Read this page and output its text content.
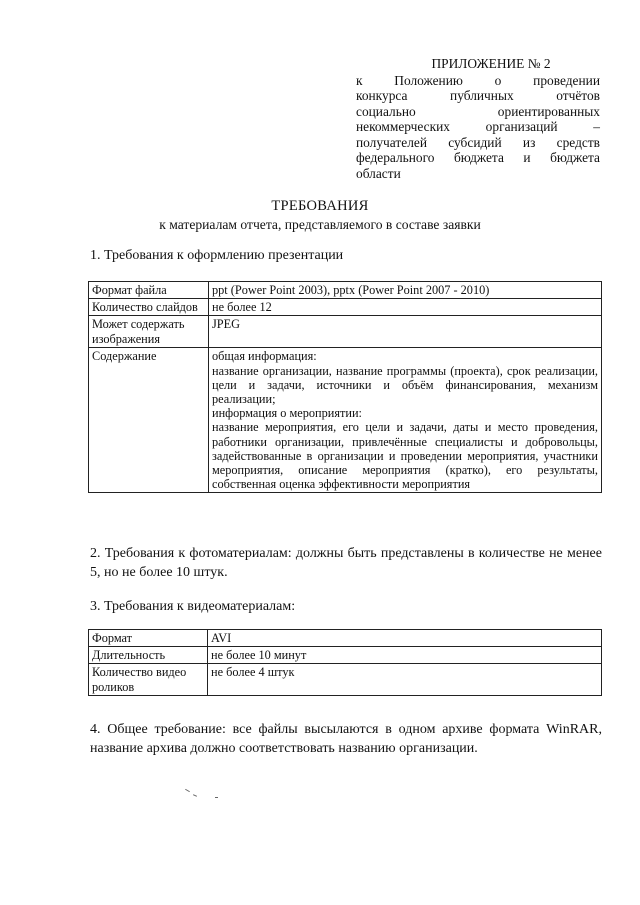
ПРИЛОЖЕНИЕ № 2
к Положению о проведении
конкурса публичных отчётов
социально ориентированных
некоммерческих организаций –
получателей субсидий из средств
федерального бюджета и бюджета
области
ТРЕБОВАНИЯ
к материалам отчета, представляемого в составе заявки
1. Требования к оформлению презентации
Формат файла	ppt (Power Point 2003), pptx (Power Point 2007 - 2010)
Количество слайдов	не более 12
Может содержать изображения	JPEG
Содержание	общая информация:

название организации, название программы (проекта), срок реализации, цели и задачи, источники и объём финансирования, механизм реализации;

информация о мероприятии:

название мероприятия, его цели и задачи, даты и место проведения, работники организации, привлечённые специалисты и добровольцы, задействованные в организации и проведении мероприятия, участники мероприятия, описание мероприятия (кратко), его результаты, собственная оценка эффективности мероприятия

2. Требования к фотоматериалам: должны быть представлены в количестве не менее 5, но не более 10 штук.
3. Требования к видеоматериалам:
Формат	AVI
Длительность	не более 10 минут
Количество видео роликов	не более 4 штук
4. Общее требование: все файлы высылаются в одном архиве формата WinRAR, название архива должно соответствовать названию организации.
